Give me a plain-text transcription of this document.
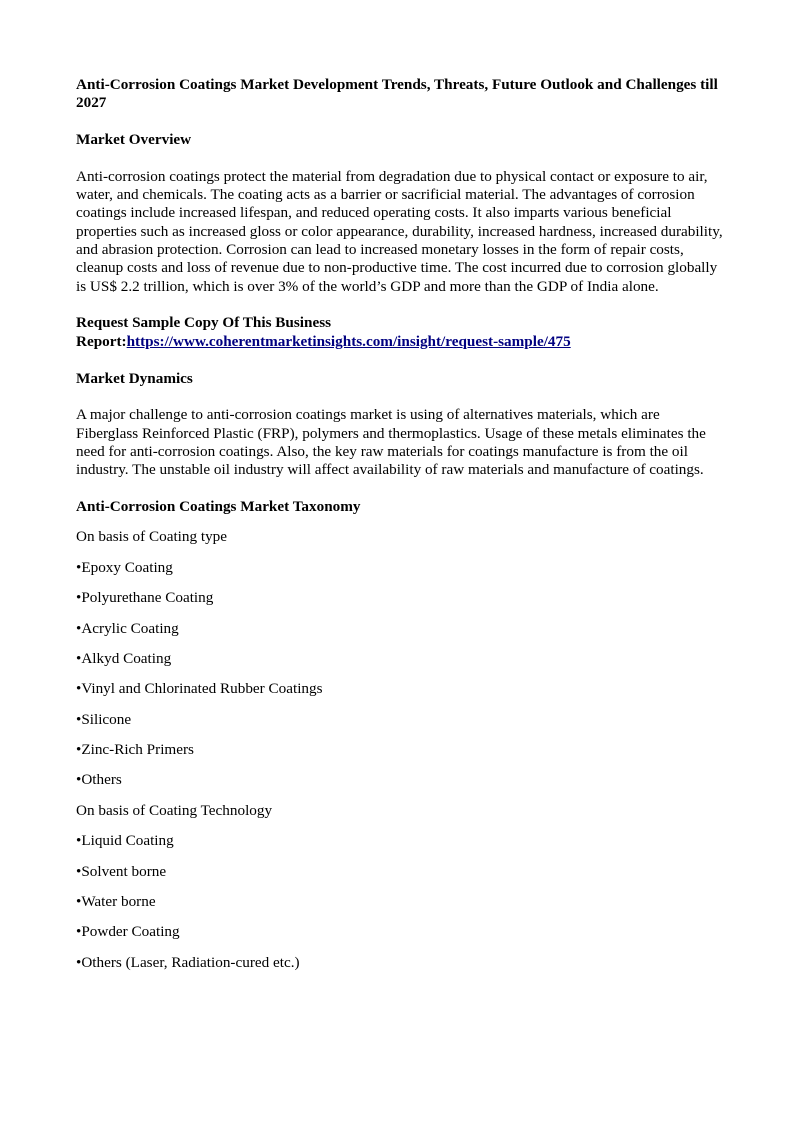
Anti-Corrosion Coatings Market Development Trends, Threats, Future Outlook and Challenges till 2027

Market Overview

Anti-corrosion coatings protect the material from degradation due to physical contact or exposure to air, water, and chemicals. The coating acts as a barrier or sacrificial material. The advantages of corrosion coatings include increased lifespan, and reduced operating costs. It also imparts various beneficial properties such as increased gloss or color appearance, durability, increased hardness, increased durability, and abrasion protection. Corrosion can lead to increased monetary losses in the form of repair costs, cleanup costs and loss of revenue due to non-productive time. The cost incurred due to corrosion globally is US$ 2.2 trillion, which is over 3% of the world’s GDP and more than the GDP of India alone.

Request Sample Copy Of This Business Report:https://www.coherentmarketinsights.com/insight/request-sample/475

Market Dynamics

A major challenge to anti-corrosion coatings market is using of alternatives materials, which are Fiberglass Reinforced Plastic (FRP), polymers and thermoplastics. Usage of these metals eliminates the need for anti-corrosion coatings. Also, the key raw materials for coatings manufacture is from the oil industry. The unstable oil industry will affect availability of raw materials and manufacture of coatings.

Anti-Corrosion Coatings Market Taxonomy

On basis of Coating type

•Epoxy Coating

•Polyurethane Coating

•Acrylic Coating

•Alkyd Coating

•Vinyl and Chlorinated Rubber Coatings

•Silicone

•Zinc-Rich Primers

•Others

On basis of Coating Technology

•Liquid Coating

•Solvent borne

•Water borne

•Powder Coating

•Others (Laser, Radiation-cured etc.)
